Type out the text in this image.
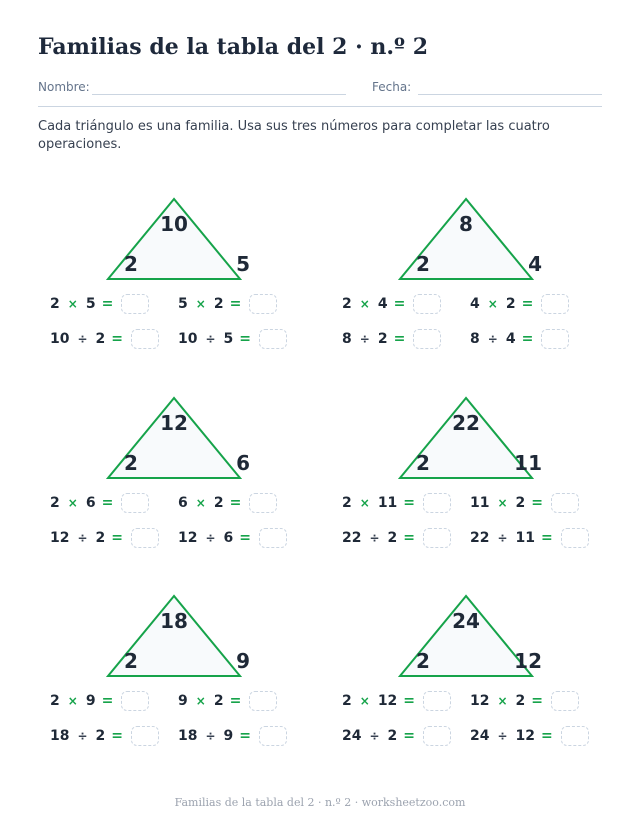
Familias de la tabla del 2 · n.º 2
Nombre:	Fecha:
Cada triángulo es una familia. Usa sus tres números para completar las cuatro operaciones.
10
2	5
2 × 5 =	5 × 2 =
10 ÷ 2 =	10 ÷ 5 =
8
2	4
2 × 4 =	4 × 2 =
8 ÷ 2 =	8 ÷ 4 =
12
2	6
2 × 6 =	6 × 2 =
12 ÷ 2 =	12 ÷ 6 =
22
2	11
2 × 11 =	11 × 2 =
22 ÷ 2 =	22 ÷ 11 =
18
2	9
2 × 9 =	9 × 2 =
18 ÷ 2 =	18 ÷ 9 =
24
2	12
2 × 12 =	12 × 2 =
24 ÷ 2 =	24 ÷ 12 =
Familias de la tabla del 2 · n.º 2 · worksheetzoo.com
